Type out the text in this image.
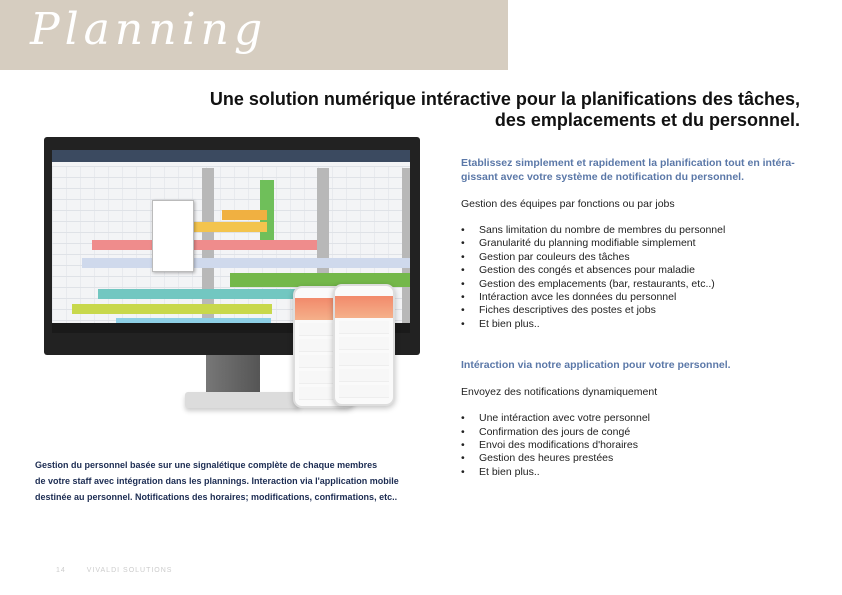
Planning
Une solution numérique intéractive pour la planifications des tâches,
des emplacements et du personnel.

Etablissez simplement et rapidement la planification tout en intéra-
gissant avec votre système de notification du personnel.

Gestion des équipes par fonctions ou par jobs

• Sans limitation du nombre de membres du personnel
• Granularité du planning modifiable simplement
• Gestion par couleurs des tâches
• Gestion des congés et absences pour maladie
• Gestion des emplacements (bar, restaurants, etc..)
• Intéraction avce les données du personnel
• Fiches descriptives des postes et jobs
• Et bien plus..

Intéraction via notre application pour votre personnel.

Envoyez des notifications dynamiquement

• Une intéraction avec votre personnel
• Confirmation des jours de congé
• Envoi des modifications d'horaires
• Gestion des heures prestées
• Et bien plus..
Gestion du personnel basée sur une signalétique complète de chaque membres
de votre staff avec intégration dans les plannings. Interaction via l'application mobile
destinée au personnel. Notifications des horaires; modifications, confirmations, etc..
14	VIVALDI SOLUTIONS
